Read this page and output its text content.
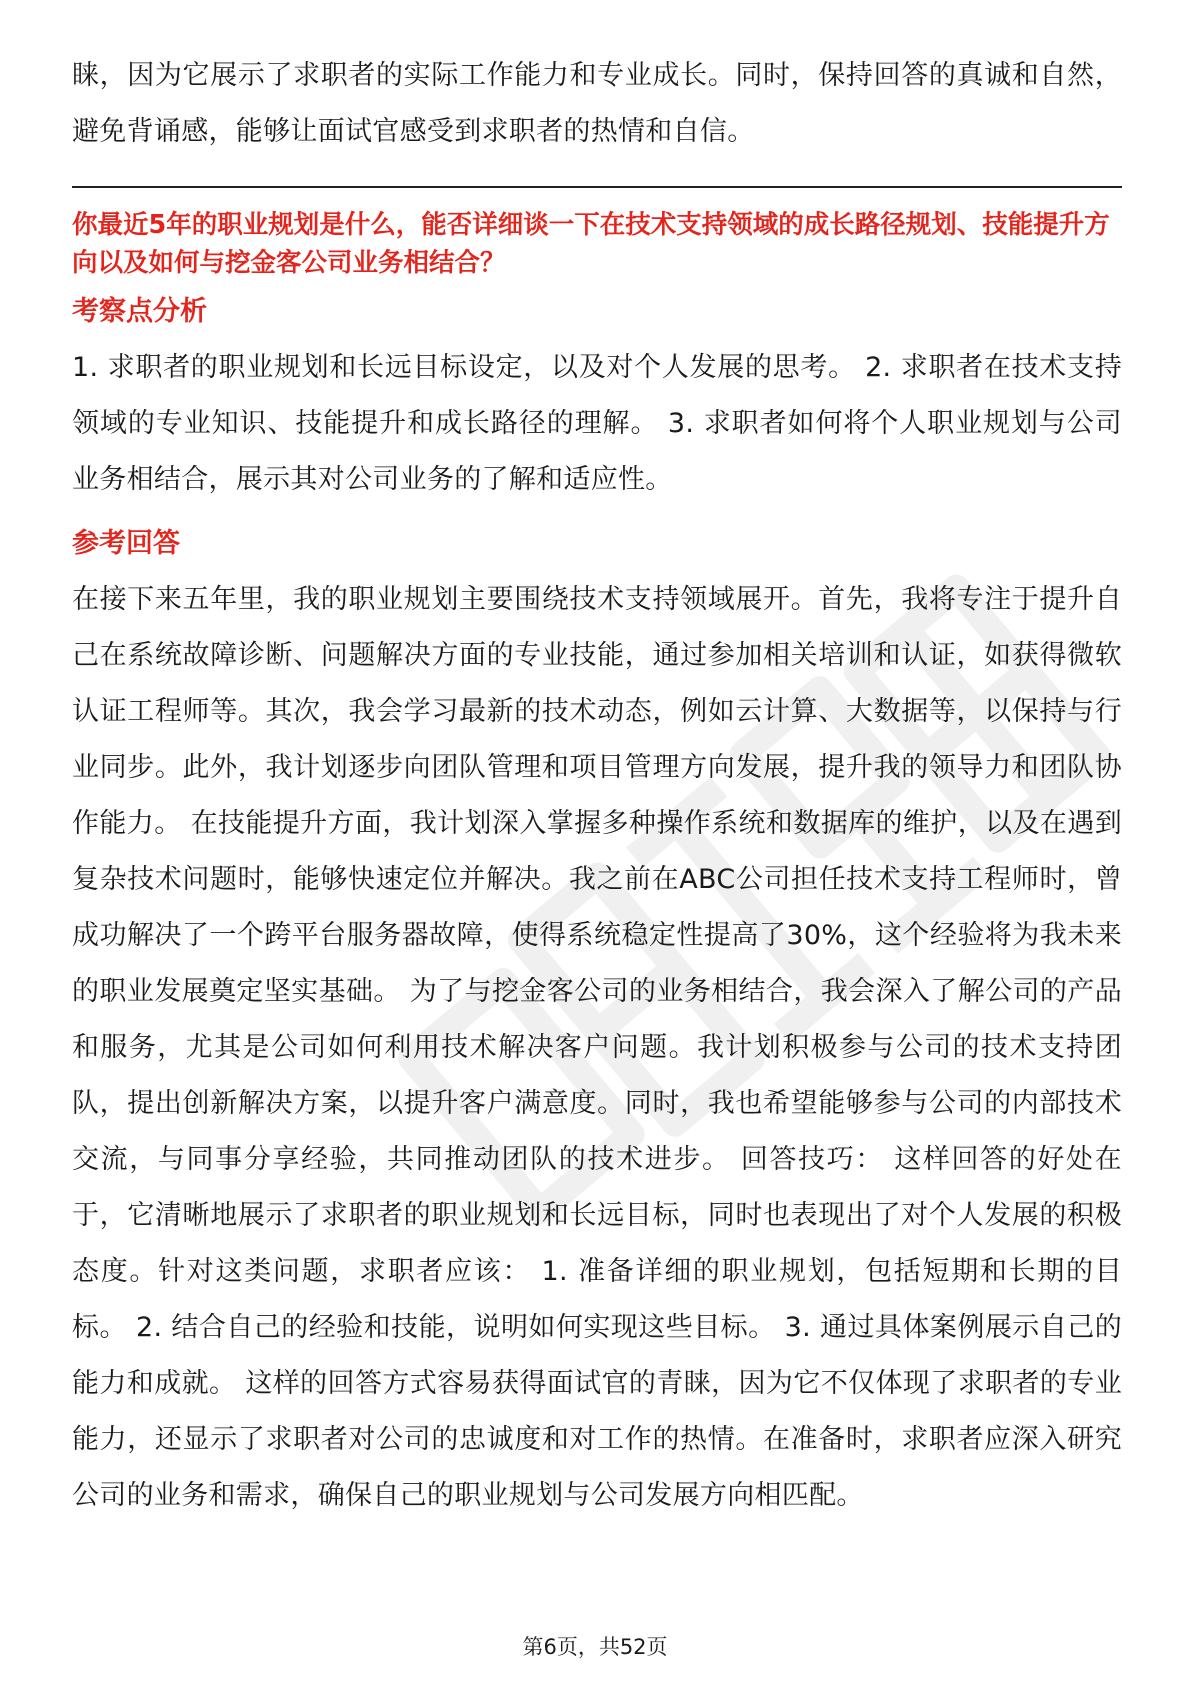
睐，因为它展示了求职者的实际工作能力和专业成长。同时，保持回答的真诚和自然，避免背诵感，能够让面试官感受到求职者的热情和自信。

你最近5年的职业规划是什么，能否详细谈一下在技术支持领域的成长路径规划、技能提升方向以及如何与挖金客公司业务相结合？

考察点分析

1. 求职者的职业规划和长远目标设定，以及对个人发展的思考。 2. 求职者在技术支持领域的专业知识、技能提升和成长路径的理解。 3. 求职者如何将个人职业规划与公司业务相结合，展示其对公司业务的了解和适应性。

参考回答

在接下来五年里，我的职业规划主要围绕技术支持领域展开。首先，我将专注于提升自己在系统故障诊断、问题解决方面的专业技能，通过参加相关培训和认证，如获得微软认证工程师等。其次，我会学习最新的技术动态，例如云计算、大数据等，以保持与行业同步。此外，我计划逐步向团队管理和项目管理方向发展，提升我的领导力和团队协作能力。 在技能提升方面，我计划深入掌握多种操作系统和数据库的维护，以及在遇到复杂技术问题时，能够快速定位并解决。我之前在ABC公司担任技术支持工程师时，曾成功解决了一个跨平台服务器故障，使得系统稳定性提高了30%，这个经验将为我未来的职业发展奠定坚实基础。 为了与挖金客公司的业务相结合，我会深入了解公司的产品和服务，尤其是公司如何利用技术解决客户问题。我计划积极参与公司的技术支持团队，提出创新解决方案，以提升客户满意度。同时，我也希望能够参与公司的内部技术交流，与同事分享经验，共同推动团队的技术进步。 回答技巧： 这样回答的好处在于，它清晰地展示了求职者的职业规划和长远目标，同时也表现出了对个人发展的积极态度。针对这类问题，求职者应该： 1. 准备详细的职业规划，包括短期和长期的目标。 2. 结合自己的经验和技能，说明如何实现这些目标。 3. 通过具体案例展示自己的能力和成就。 这样的回答方式容易获得面试官的青睐，因为它不仅体现了求职者的专业能力，还显示了求职者对公司的忠诚度和对工作的热情。在准备时，求职者应深入研究公司的业务和需求，确保自己的职业规划与公司发展方向相匹配。

第6页，共52页
